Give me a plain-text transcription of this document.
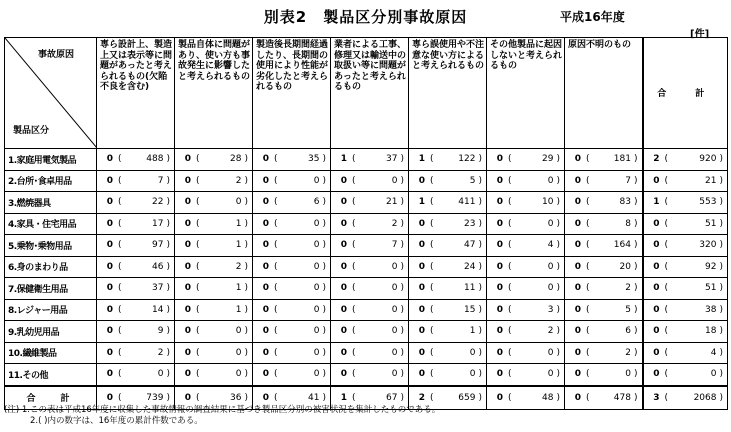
別表2　製品区分別事故原因	平成16年度
[件]
事故原因
製品区分	専ら設計上、製造上又は表示等に問題があったと考えられるもの(欠陥不良を含む)	製品自体に問題があり、使い方も事故発生に影響したと考えられるもの	製造後長期間経過したり、長期間の使用により性能が劣化したと考えられるもの	業者による工事、修理又は輸送中の取扱い等に問題があったと考えられるもの	専ら誤使用や不注意な使い方によると考えられるもの	その他製品に起因しないと考えられるもの	原因不明のもの	合　計
1.家庭用電気製品	0 ( 488 )	0 ( 28 )	0 ( 35 )	1 ( 37 )	1 ( 122 )	0 ( 29 )	0 ( 181 )	2 ( 920 )

2.台所･食卓用品	0 ( 7 )	0 ( 2 )	0 ( 0 )	0 ( 0 )	0 ( 5 )	0 ( 0 )	0 ( 7 )	0 ( 21 )

3.燃焼器具	0 ( 22 )	0 ( 0 )	0 ( 6 )	0 ( 21 )	1 ( 411 )	0 ( 10 )	0 ( 83 )	1 ( 553 )

4.家具・住宅用品	0 ( 17 )	0 ( 1 )	0 ( 0 )	0 ( 2 )	0 ( 23 )	0 ( 0 )	0 ( 8 )	0 ( 51 )

5.乗物･乗物用品	0 ( 97 )	0 ( 1 )	0 ( 0 )	0 ( 7 )	0 ( 47 )	0 ( 4 )	0 ( 164 )	0 ( 320 )

6.身のまわり品	0 ( 46 )	0 ( 2 )	0 ( 0 )	0 ( 0 )	0 ( 24 )	0 ( 0 )	0 ( 20 )	0 ( 92 )

7.保健衛生用品	0 ( 37 )	0 ( 1 )	0 ( 0 )	0 ( 0 )	0 ( 11 )	0 ( 0 )	0 ( 2 )	0 ( 51 )

8.レジャー用品	0 ( 14 )	0 ( 1 )	0 ( 0 )	0 ( 0 )	0 ( 15 )	0 ( 3 )	0 ( 5 )	0 ( 38 )

9.乳幼児用品	0 ( 9 )	0 ( 0 )	0 ( 0 )	0 ( 0 )	0 ( 1 )	0 ( 2 )	0 ( 6 )	0 ( 18 )

10.繊維製品	0 ( 2 )	0 ( 0 )	0 ( 0 )	0 ( 0 )	0 ( 0 )	0 ( 0 )	0 ( 2 )	0 ( 4 )

11.その他	0 ( 0 )	0 ( 0 )	0 ( 0 )	0 ( 0 )	0 ( 0 )	0 ( 0 )	0 ( 0 )	0 ( 0 )

合　計	0 ( 739 )	0 ( 36 )	0 ( 41 )	1 ( 67 )	2 ( 659 )	0 ( 48 )	0 ( 478 )	3 ( 2068 )
(注) 1.この表は平成16年度に収集した事故情報の調査結果に基づき製品区分別の被害状況を集計したものである。
2.( )内の数字は、16年度の累計件数である。
